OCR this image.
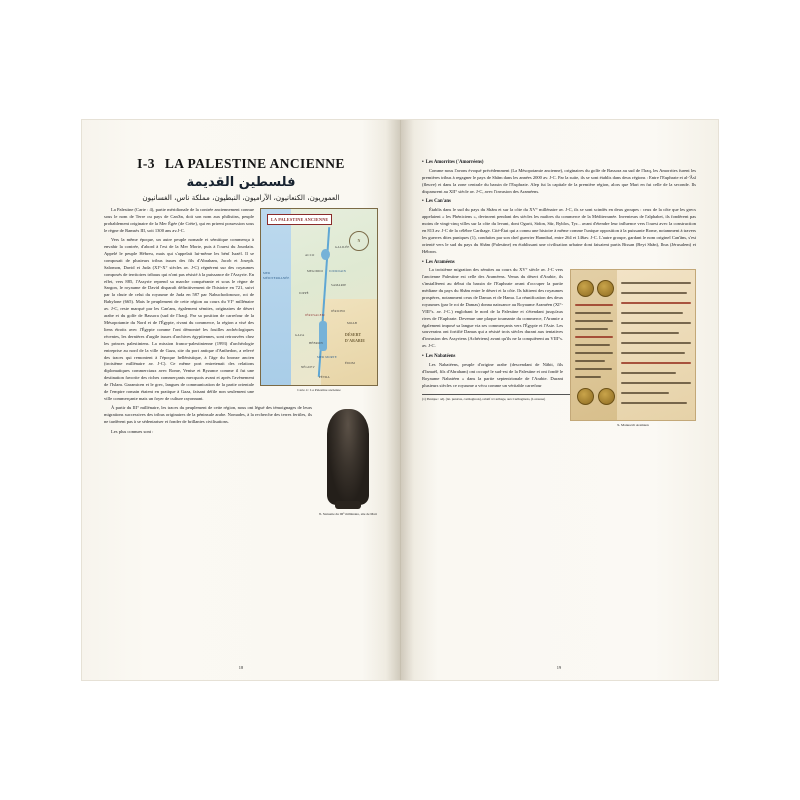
I-3 LA PALESTINE ANCIENNE
فلسطين القديمة
العموريون، الكنعانيون، الآراميون، النبطيون، مملكة ناس، الغسانيون
N
LA PALESTINE ANCIENNE
MER MÉDITERRANÉE
ACCO
GALILÉE
MEGIDDO
SAMARIE
JOPPÉ
JÉRUSALEM
JÉRICHO
GAZA
HÉBRON
MER MORTE
JOURDAIN
NÉGUEV
PÉTRA
DÉSERT D'ARABIE
MOAB
ÉDOM
Carte 4 : La Palestine ancienne

La Palestine (Carte : 4), partie méridionale de la contrée anciennement connue sous le nom de Terre ou pays de Can'ân, doit son nom aux philistins, peuple probablement originaire de la Mer Égée (de Crète), qui en prirent possession sous le règne de Ramsès III, soit 1300 ans av.J-C.

Vers la même époque, un autre peuple nomade et sémitique commença à envahir la contrée, d'abord à l'est de la Mer Morte, puis à l'ouest du Jourdain. Appelé le peuple Hébreu, mais qui s'appelait lui-même les bénî Israël. Il se composait de plusieurs tribus issues des fils d'Abraham, Jacob et Joseph. Salomon, David et Juda (XI°-X° siècles av. J-C) régnèrent sur des royaumes composés de territoires tribaux qui n'ont pas résisté à la puissance de l'Assyrie. En effet, vers 885, l'Assyrie reprend sa marche conquérante et sous le règne de Sargon, le royaume de David disparaît définitivement de l'histoire en 721, suivi par la chute de celui du royaume de Juda en 587 par Nabuchodonosor, roi de Babylone (665). Mais le peuplement de cette région au cours du VI° millénaire av. J-C, reste marqué par les Can'ans, également sémites, originaires de désert arabe et du golfe de Bassora (sud de l'Iraq). Par sa position de carrefour de la Mésopotamie du Nord et de l'Égypte, rivant du commerce, la région a visé des liens étroits avec l'Égypte comme l'ont démontré les fouilles archéologiques récentes, les dernières d'argile issues d'archives égyptiennes, sont retrouvées chez les princes palestiniens. La mission franco-palestinienne (1993) d'archéologie entreprise au nord de la ville de Gaza, site du port antique d'Anthedon, a relevé des traces qui remontent à l'époque hellénistique, à l'âge du bronze ancien (troisième millénaire av. J-C). Ce même port entretenait des relations diplomatiques commerciaux avec Rome, Venise et Byzance comme il fut une destination favorite des riches commerçants mecquois avant et après l'avènement de l'Islam. Garamicen et le grec, langues de communication de la partie orientale de l'empire romain étaient en pratique à Gaza, faisant défile non seulement une ville commerçante mais un foyer de culture rayonnant.

8- Statuette du III° millénaire, site de Mari

À partir du III° millénaire, les traces du peuplement de cette région, nous ont légué des témoignages de leurs migrations successives des tribus originaires de la péninsule arabe. Nomades, à la recherche des terres fertiles, ils ne tardèrent pas à se sédentariser et fonder de brillantes civilisations.

Les plus connues sont :

18
• Les Amorrites ('Amorréens)

Comme nous l'avons évoqué précédemment (La Mésopotamie ancienne), originaires du golfe de Bassora au sud de l'Iraq, les Amorrites furent les premières tribus à regagner le pays de Shâm dans les années 2000 av. J-C. Par la suite, ils se sont établis dans deux régions : Entre l'Euphrate et al-'Âsî (fleuve) et dans la zone centrale du bassin de l'Euphrate. Alep fut la capitale de la première région, alors que Mari en fut celle de la seconde. Ils disparurent au XII° siècle av. J-C, avec l'invasion des Araméens.

• Les Can'ans

Établis dans le sud du pays du Shâm et sur la côte du XV° millénaire av. J-C, ils se sont scindés en deux groupes : ceux de la côte que les grecs appelaient « les Phéniciens », devinrent pendant des siècles les maîtres du commerce de la Méditerranée. Inventeurs de l'alphabet, ils fondèrent pas moins de vingt-cinq villes sur la côte du levant, dont Ogarit, Sidon, Sûr, Byblos, Tyr... avant d'étendre leur influence vers l'ouest avec la construction en 813 av. J-C de la célèbre Carthage. Cité-État qui a connu une histoire à même comme l'unique opposition à la puissante Rome, notamment à travers les guerres dites puniques (1), conduites par son chef guerrier Hannibal, entre 264 et 146av. J-C. L'autre groupe, gardant le nom originel Can'âns, s'est orienté vers le sud du pays du Shâm (Palestine) en établissant une civilisation urbaine dont faisaient partis Bissan (Beyt Shân), Ibus (Jérusalem) et Hébron.

• Les Araméens
9- Manuscrit Araméen

La troisième migration des sémites au cours du XV° siècle av. J-C vers l'ancienne Palestine est celle des Araméens. Venus du désert d'Arabie, ils s'installèrent au début du bassin de l'Euphrate avant d'occuper la partie médiane du pays du Shâm entre le désert et la côte. Ils bâtirent des royaumes prospères, notamment ceux de Damas et de Hama. La réunification des deux royaumes (par le roi de Damas) donna naissance au Royaume Araméen (XI°-VIII°s. av. J-C.) englobant le nord de la Palestine et s'étendant jusqu'aux rives de l'Euphrate. Devenue une plaque tournante du commerce, l'Aramie a également imposé sa langue via ses commerçants vers l'Égypte et l'Asie. Les souverains ont fortifié Damas qui a résisté trois siècles durant aux tentatives d'invasion des Assyriens (Achériens) avant qu'ils ne la conquièrent au VIII°s. av. J-C.

• Les Nabatéens

Les Nabatéens, peuple d'origine arabe (descendant de Nâbit, fils d'Ismaël, fils d'Abraham) ont occupé le sud-est de la Palestine et ont fondé le Royaume Nabatéen » dans la partie septentrionale de l'Arabie. Durant plusieurs siècles ce royaume a vécu comme un véritable carrefour

(1) Punique : adj. (lat. punicus, carthaginois), relatif à Carthage, aux Carthaginois, (Larousse)
19
